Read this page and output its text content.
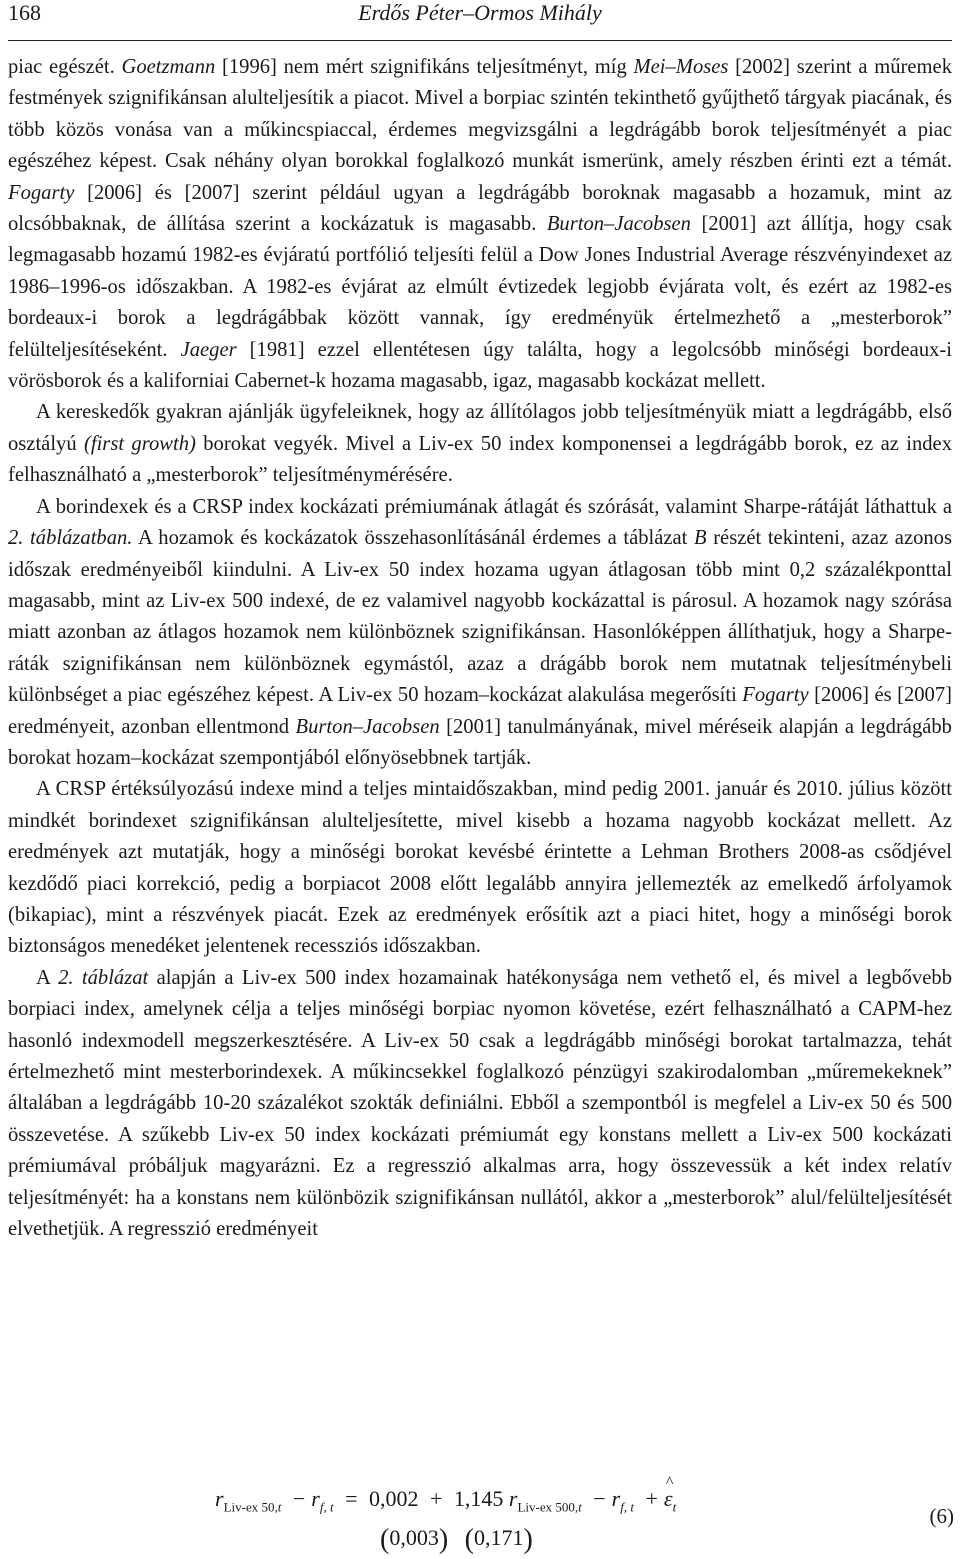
168	Erdős Péter–Ormos Mihály

piac egészét. Goetzmann [1996] nem mért szignifikáns teljesítményt, míg Mei–Moses [2002] szerint a műremek festmények szignifikánsan alulteljesítik a piacot. Mivel a borpiac szintén tekinthető gyűjthető tárgyak piacának, és több közös vonása van a műkincspiaccal, érdemes megvizsgálni a legdrágább borok teljesítményét a piac egészéhez képest. Csak néhány olyan borokkal foglalkozó munkát ismerünk, amely részben érinti ezt a témát. Fogarty [2006] és [2007] szerint például ugyan a legdrágább boroknak magasabb a hozamuk, mint az olcsóbbaknak, de állítása szerint a kockázatuk is magasabb. Burton–Jacobsen [2001] azt állítja, hogy csak legmagasabb hozamú 1982-es évjáratú portfólió teljesíti felül a Dow Jones Industrial Average részvényindexet az 1986–1996-os időszakban. A 1982-es évjárat az elmúlt évtizedek legjobb évjárata volt, és ezért az 1982-es bordeaux-i borok a legdrágábbak között vannak, így eredményük értelmezhető a „mesterborok” felülteljesítéseként. Jaeger [1981] ezzel ellentétesen úgy találta, hogy a legolcsóbb minőségi bordeaux-i vörösborok és a kaliforniai Cabernet-k hozama magasabb, igaz, magasabb kockázat mellett.

A kereskedők gyakran ajánlják ügyfeleiknek, hogy az állítólagos jobb teljesítményük miatt a legdrágább, első osztályú (first growth) borokat vegyék. Mivel a Liv-ex 50 index komponensei a legdrágább borok, ez az index felhasználható a „mesterborok” teljesítménymérésére.

A borindexek és a CRSP index kockázati prémiumának átlagát és szórását, valamint Sharpe-rátáját láthattuk a 2. táblázatban. A hozamok és kockázatok összehasonlításánál érdemes a táblázat B részét tekinteni, azaz azonos időszak eredményeiből kiindulni. A Liv-ex 50 index hozama ugyan átlagosan több mint 0,2 százalékponttal magasabb, mint az Liv-ex 500 indexé, de ez valamivel nagyobb kockázattal is párosul. A hozamok nagy szórása miatt azonban az átlagos hozamok nem különböznek szignifikánsan. Hasonlóképpen állíthatjuk, hogy a Sharpe-ráták szignifikánsan nem különböznek egymástól, azaz a drágább borok nem mutatnak teljesítménybeli különbséget a piac egészéhez képest. A Liv-ex 50 hozam–kockázat alakulása megerősíti Fogarty [2006] és [2007] eredményeit, azonban ellentmond Burton–Jacobsen [2001] tanulmányának, mivel méréseik alapján a legdrágább borokat hozam–kockázat szempontjából előnyösebbnek tartják.

A CRSP értéksúlyozású indexe mind a teljes mintaidőszakban, mind pedig 2001. január és 2010. július között mindkét borindexet szignifikánsan alulteljesítette, mivel kisebb a hozama nagyobb kockázat mellett. Az eredmények azt mutatják, hogy a minőségi borokat kevésbé érintette a Lehman Brothers 2008-as csődjével kezdődő piaci korrekció, pedig a borpiacot 2008 előtt legalább annyira jellemezték az emelkedő árfolyamok (bikapiac), mint a részvények piacát. Ezek az eredmények erősítik azt a piaci hitet, hogy a minőségi borok biztonságos menedéket jelentenek recessziós időszakban.

A 2. táblázat alapján a Liv-ex 500 index hozamainak hatékonysága nem vethető el, és mivel a legbővebb borpiaci index, amelynek célja a teljes minőségi borpiac nyomon követése, ezért felhasználható a CAPM-hez hasonló indexmodell megszerkesztésére. A Liv-ex 50 csak a legdrágább minőségi borokat tartalmazza, tehát értelmezhető mint mesterborindexek. A műkincsekkel foglalkozó pénzügyi szakirodalomban „műremekeknek” általában a legdrágább 10-20 százalékot szokták definiálni. Ebből a szempontból is megfelel a Liv-ex 50 és 500 összevetése. A szűkebb Liv-ex 50 index kockázati prémiumát egy konstans mellett a Liv-ex 500 kockázati prémiumával próbáljuk magyarázni. Ez a regresszió alkalmas arra, hogy összevessük a két index relatív teljesítményét: ha a konstans nem különbözik szignifikánsan nullától, akkor a „mesterborok” alul/felülteljesítését elvethetjük. A regresszió eredményeit

$r_{Liv-ex 50,t} - r_{f, t} = 0,002 + 1,145$ $r_{Liv-ex 500,t} - r_{f, t}$ +^ $\varepsilon_t$
(0,003) (0,171)
(6)
